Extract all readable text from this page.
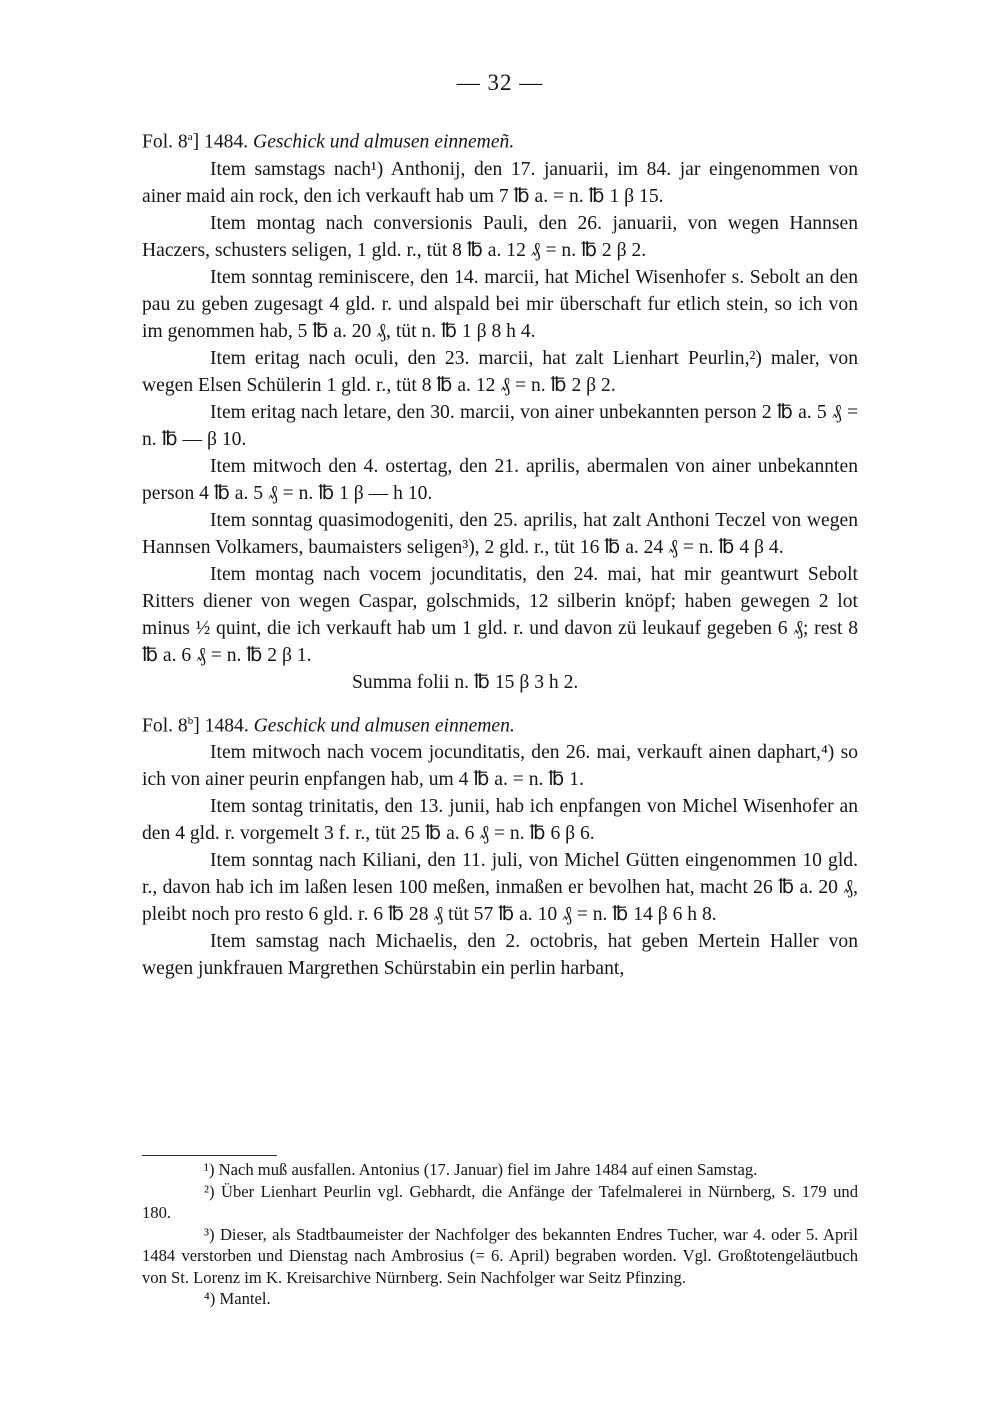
— 32 —

Fol. 8$^a$] 1484. Geschick und almusen einnemeñ.

Item samstags nach¹) Anthonij, den 17. januarii, im 84. jar eingenommen von ainer maid ain rock, den ich verkauft hab um 7 ℔ a. = n. ℔ 1 β 15.

Item montag nach conversionis Pauli, den 26. januarii, von wegen Hannsen Haczers, schusters seligen, 1 gld. r., tüt 8 ℔ a. 12 ₰ = n. ℔ 2 β 2.

Item sonntag reminiscere, den 14. marcii, hat Michel Wisenhofer s. Sebolt an den pau zu geben zugesagt 4 gld. r. und alspald bei mir überschaft fur etlich stein, so ich von im genommen hab, 5 ℔ a. 20 ₰, tüt n. ℔ 1 β 8 h 4.

Item eritag nach oculi, den 23. marcii, hat zalt Lienhart Peurlin,²) maler, von wegen Elsen Schülerin 1 gld. r., tüt 8 ℔ a. 12 ₰ = n. ℔ 2 β 2.

Item eritag nach letare, den 30. marcii, von ainer unbekannten person 2 ℔ a. 5 ₰ = n. ℔ — β 10.

Item mitwoch den 4. ostertag, den 21. aprilis, abermalen von ainer unbekannten person 4 ℔ a. 5 ₰ = n. ℔ 1 β — h 10.

Item sonntag quasimodogeniti, den 25. aprilis, hat zalt Anthoni Teczel von wegen Hannsen Volkamers, baumaisters seligen³), 2 gld. r., tüt 16 ℔ a. 24 ₰ = n. ℔ 4 β 4.

Item montag nach vocem jocunditatis, den 24. mai, hat mir geantwurt Sebolt Ritters diener von wegen Caspar, golschmids, 12 silberin knöpf; haben gewegen 2 lot minus ½ quint, die ich verkauft hab um 1 gld. r. und davon zü leukauf gegeben 6 ₰; rest 8 ℔ a. 6 ₰ = n. ℔ 2 β 1.

Summa folii n. ℔ 15 β 3 h 2.

Fol. 8$^b$] 1484. Geschick und almusen einnemen.

Item mitwoch nach vocem jocunditatis, den 26. mai, verkauft ainen daphart,⁴) so ich von ainer peurin enpfangen hab, um 4 ℔ a. = n. ℔ 1.

Item sontag trinitatis, den 13. junii, hab ich enpfangen von Michel Wisenhofer an den 4 gld. r. vorgemelt 3 f. r., tüt 25 ℔ a. 6 ₰ = n. ℔ 6 β 6.

Item sonntag nach Kiliani, den 11. juli, von Michel Gütten eingenommen 10 gld. r., davon hab ich im laßen lesen 100 meßen, inmaßen er bevolhen hat, macht 26 ℔ a. 20 ₰, pleibt noch pro resto 6 gld. r. 6 ℔ 28 ₰ tüt 57 ℔ a. 10 ₰ = n. ℔ 14 β 6 h 8.

Item samstag nach Michaelis, den 2. octobris, hat geben Mertein Haller von wegen junkfrauen Margrethen Schürstabin ein perlin harbant,

¹) Nach muß ausfallen. Antonius (17. Januar) fiel im Jahre 1484 auf einen Samstag.

²) Über Lienhart Peurlin vgl. Gebhardt, die Anfänge der Tafelmalerei in Nürnberg, S. 179 und 180.

³) Dieser, als Stadtbaumeister der Nachfolger des bekannten Endres Tucher, war 4. oder 5. April 1484 verstorben und Dienstag nach Ambrosius (= 6. April) begraben worden. Vgl. Großtotengeläutbuch von St. Lorenz im K. Kreisarchive Nürnberg. Sein Nachfolger war Seitz Pfinzing.

⁴) Mantel.
